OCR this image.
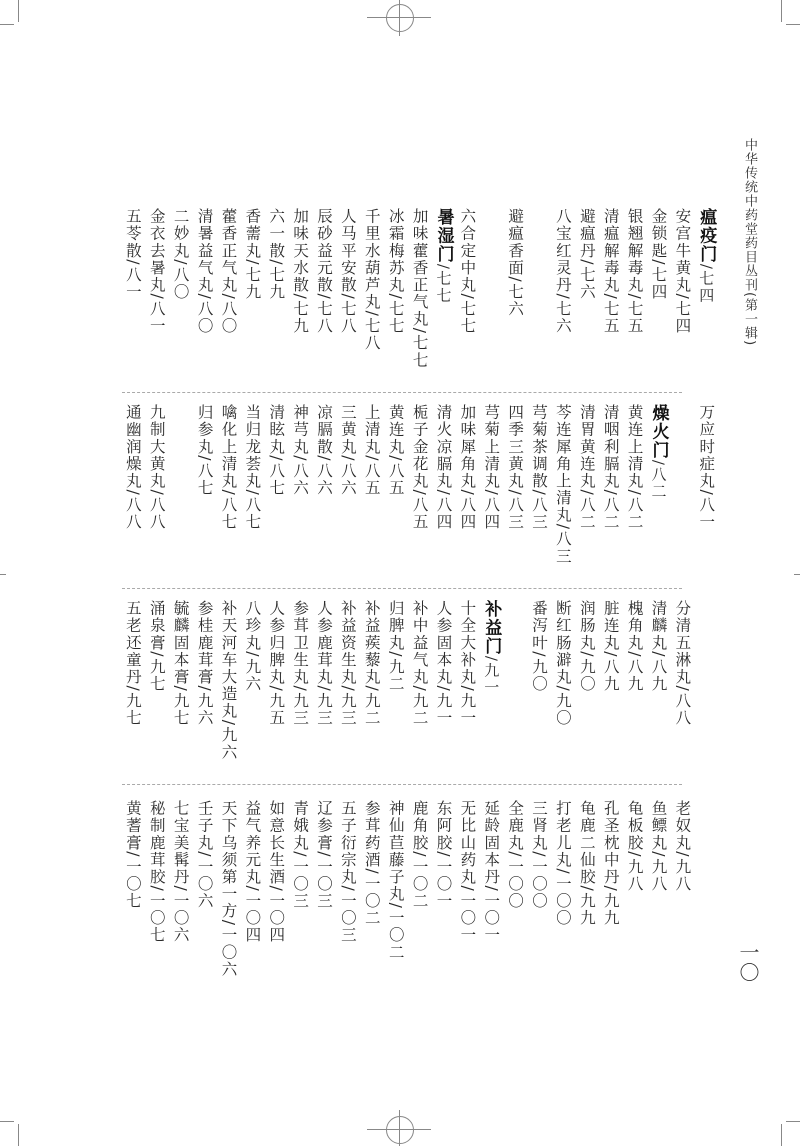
中华传统中药堂药目丛刊(第一辑)
一〇
瘟疫门/七四
安宫牛黄丸/七四
金锁匙/七四
银翘解毒丸/七五
清瘟解毒丸/七五
避瘟丹/七六
八宝红灵丹/七六
避瘟香面/七六
六合定中丸/七七
暑湿门/七七
加味藿香正气丸/七七
冰霜梅苏丸/七七
千里水葫芦丸/七八
人马平安散/七八
辰砂益元散/七八
加味天水散/七九
六一散/七九
香薷丸/七九
藿香正气丸/八〇
清暑益气丸/八〇
二妙丸/八〇
金衣去暑丸/八一
五苓散/八一
万应时症丸/八一
燥火门/八二
黄连上清丸/八二
清咽利膈丸/八二
清胃黄连丸/八二
芩连犀角上清丸/八三
芎菊茶调散/八三
四季三黄丸/八三
芎菊上清丸/八四
加味犀角丸/八四
清火凉膈丸/八四
栀子金花丸/八五
黄连丸/八五
上清丸/八五
三黄丸/八六
凉膈散/八六
神芎丸/八六
清眩丸/八七
当归龙荟丸/八七
噙化上清丸/八七
归参丸/八七
九制大黄丸/八八
通幽润燥丸/八八
分清五淋丸/八八
清麟丸/八九
槐角丸/八九
脏连丸/八九
润肠丸/九〇
断红肠澼丸/九〇
番泻叶/九〇
补益门/九一
十全大补丸/九一
人参固本丸/九一
补中益气丸/九二
归脾丸/九二
补益蒺藜丸/九二
补益资生丸/九三
人参鹿茸丸/九三
参茸卫生丸/九三
人参归脾丸/九五
八珍丸/九六
补天河车大造丸/九六
参桂鹿茸膏/九六
毓麟固本膏/九七
涌泉膏/九七
五老还童丹/九七
老奴丸/九八
鱼鳔丸/九八
龟板胶/九八
孔圣枕中丹/九九
龟鹿二仙胶/九九
打老儿丸/一〇〇
三肾丸/一〇〇
全鹿丸/一〇〇
延龄固本丹/一〇一
无比山药丸/一〇一
东阿胶/一〇一
鹿角胶/一〇二
神仙苣藤子丸/一〇二
参茸药酒/一〇二
五子衍宗丸/一〇三
辽参膏/一〇三
青娥丸/一〇三
如意长生酒/一〇四
益气养元丸/一〇四
天下乌须第一方/一〇六
壬子丸/一〇六
七宝美髯丹/一〇六
秘制鹿茸胶/一〇七
黄蓍膏/一〇七
